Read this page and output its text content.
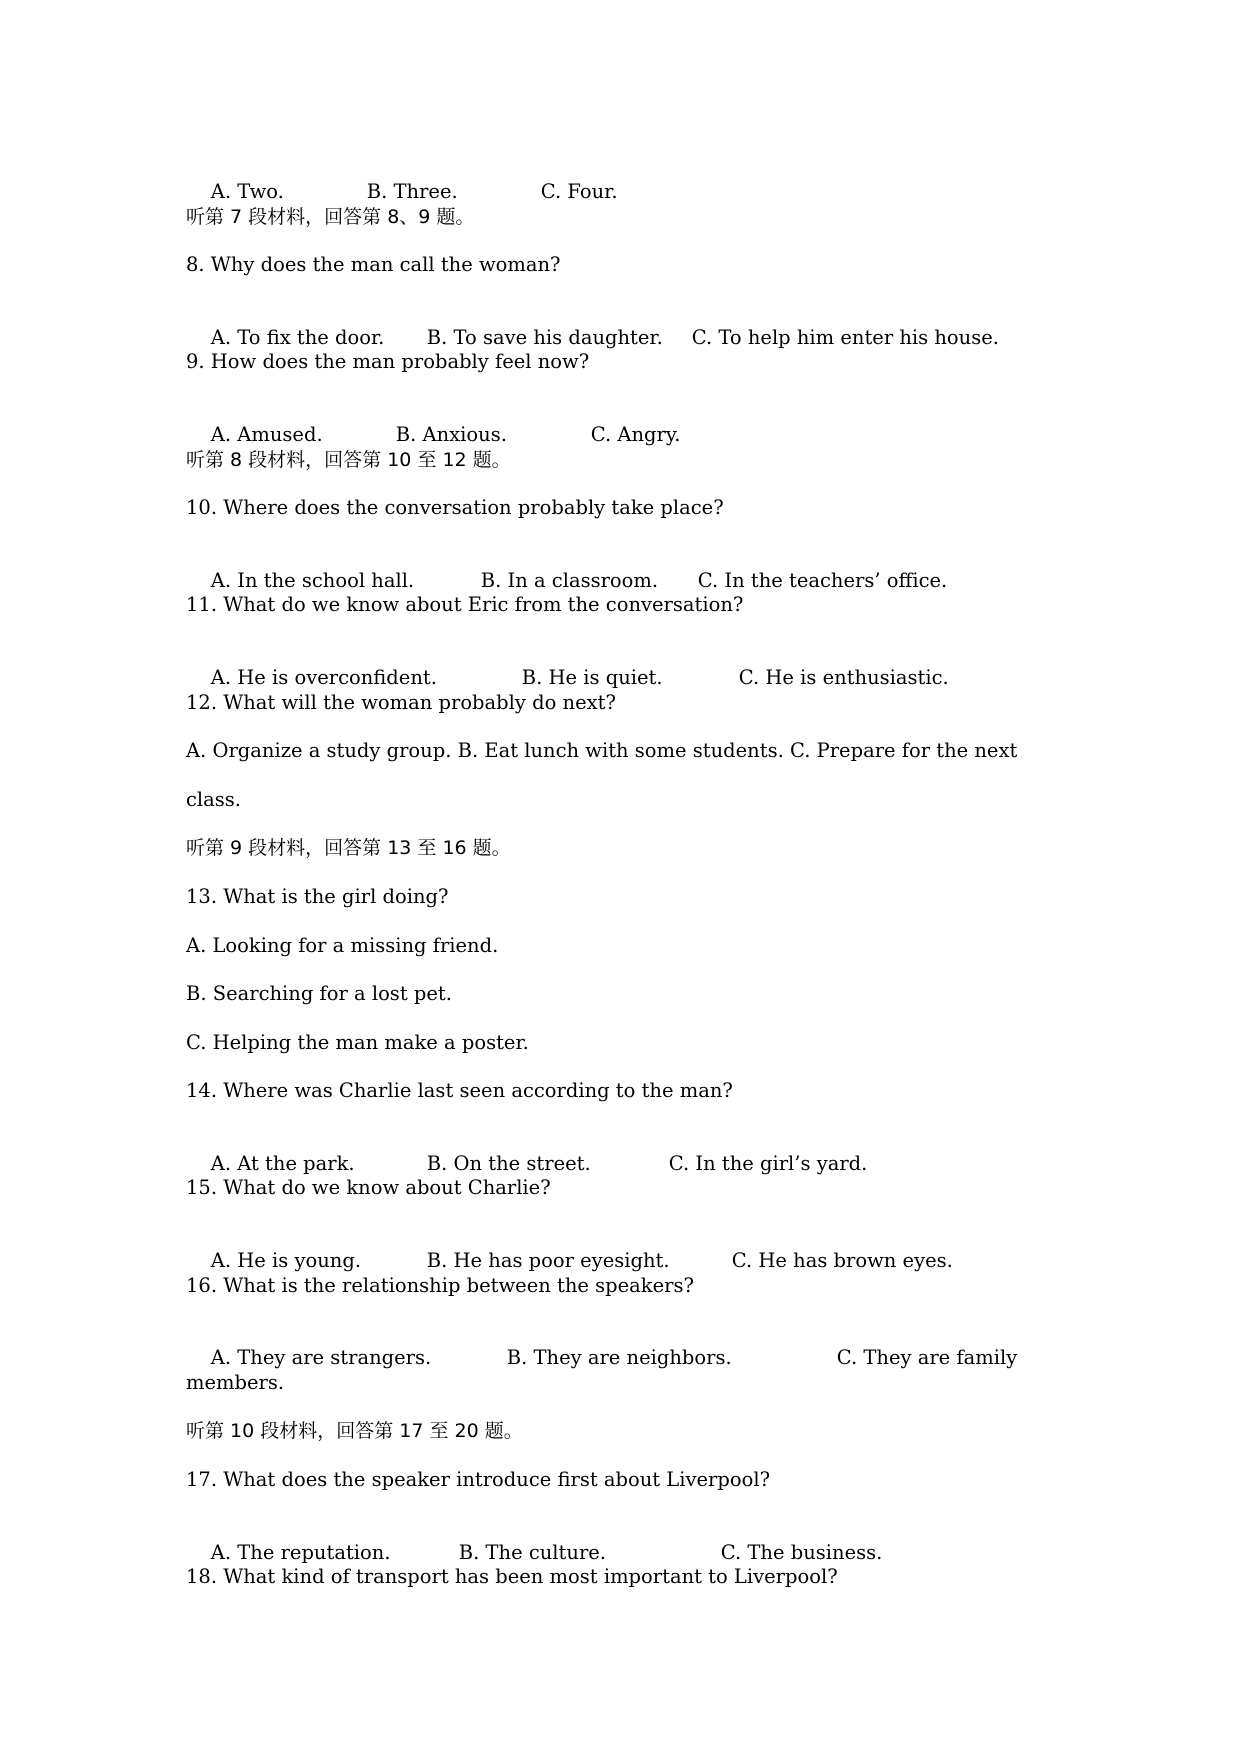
A. Two.	B. Three.	C. Four.

听第 7 段材料，回答第 8、9 题。
8. Why does the man call the woman?

A. To fix the door. B. To save his daughter. C. To help him enter his house.

9. How does the man probably feel now?

A. Amused.	B. Anxious.	C. Angry.

听第 8 段材料，回答第 10 至 12 题。
10. Where does the conversation probably take place?

A. In the school hall.	B. In a classroom. C. In the teachers’ office.

11. What do we know about Eric from the conversation?

A. He is overconfident.	B. He is quiet.	C. He is enthusiastic.

12. What will the woman probably do next?
A. Organize a study group. B. Eat lunch with some students. C. Prepare for the next
class.
听第 9 段材料，回答第 13 至 16 题。
13. What is the girl doing?
A. Looking for a missing friend.
B. Searching for a lost pet.
C. Helping the man make a poster.
14. Where was Charlie last seen according to the man?

A. At the park.	B. On the street.	C. In the girl’s yard.

15. What do we know about Charlie?

A. He is young.	B. He has poor eyesight.	C. He has brown eyes.

16. What is the relationship between the speakers?

A. They are strangers.	B. They are neighbors.	C. They are family

members.
听第 10 段材料，回答第 17 至 20 题。
17. What does the speaker introduce first about Liverpool?

A. The reputation.	B. The culture.	C. The business.

18. What kind of transport has been most important to Liverpool?
